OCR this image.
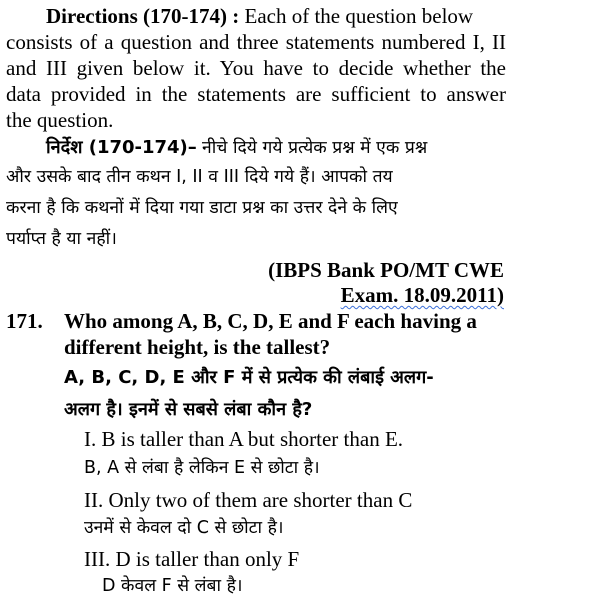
Directions (170-174) : Each of the question below
consists of a question and three statements numbered I, II
and III given below it. You have to decide whether the
data provided in the statements are sufficient to answer
the question.
निर्देश (170-174)– नीचे दिये गये प्रत्येक प्रश्न में एक प्रश्न
और उसके बाद तीन कथन I, II व III दिये गये हैं। आपको तय
करना है कि कथनों में दिया गया डाटा प्रश्न का उत्तर देने के लिए
पर्याप्त है या नहीं।
(IBPS Bank PO/MT CWE
Exam. 18.09.2011)
171. Who among A, B, C, D, E and F each having a
different height, is the tallest?
A, B, C, D, E और F में से प्रत्येक की लंबाई अलग-
अलग है। इनमें से सबसे लंबा कौन है?
I. B is taller than A but shorter than E.
B, A से लंबा है लेकिन E से छोटा है।
II. Only two of them are shorter than C
उनमें से केवल दो C से छोटा है।
III. D is taller than only F
D केवल F से लंबा है।
